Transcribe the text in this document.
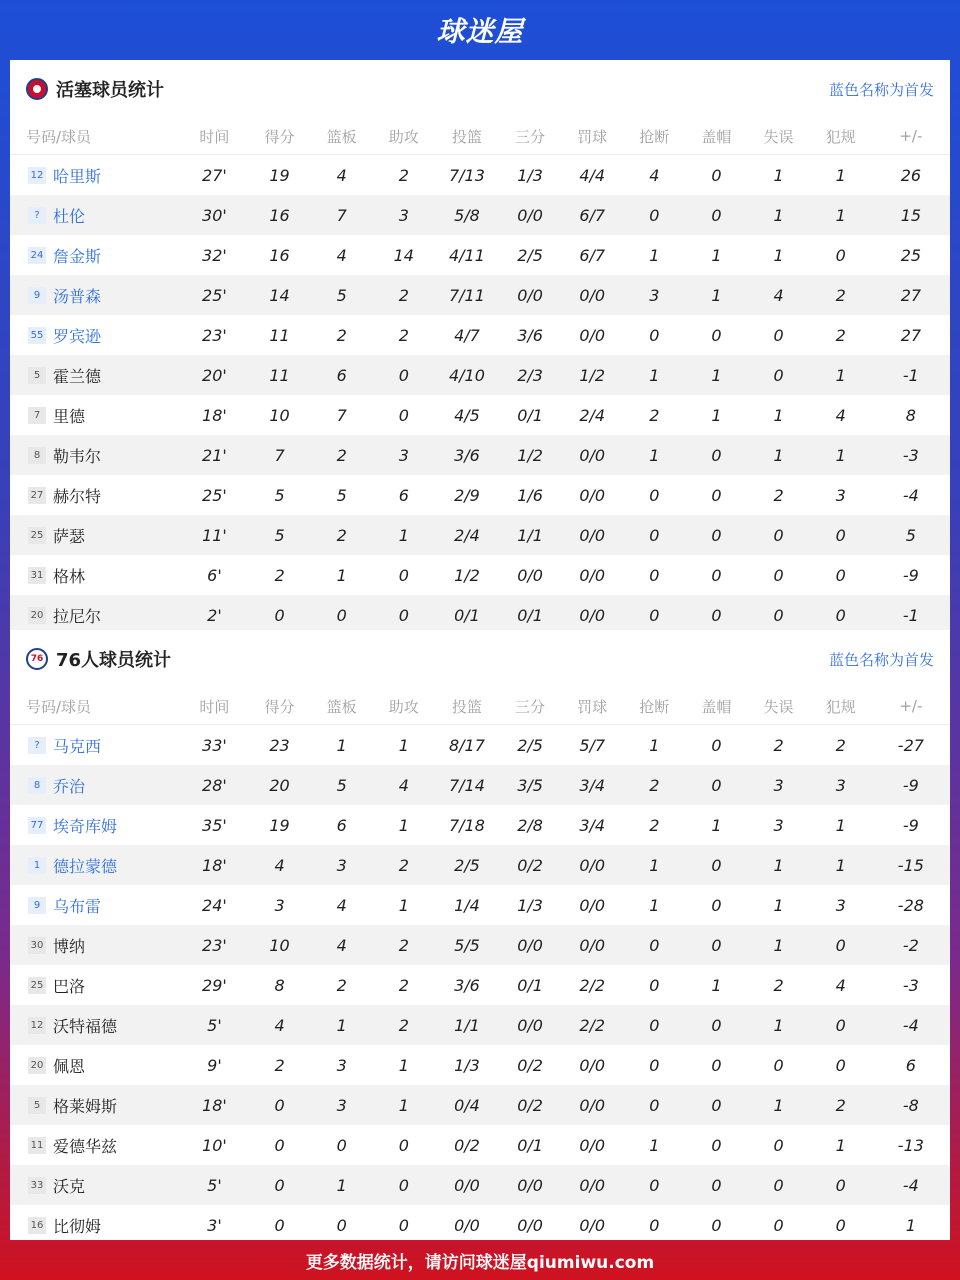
球迷屋
活塞球员统计	蓝色名称为首发
号码/球员	时间	得分	篮板	助攻	投篮	三分	罚球	抢断	盖帽	失误	犯规	+/-
12 哈里斯	27'	19	4	2	7/13	1/3	4/4	4	0	1	1	26
? 杜伦	30'	16	7	3	5/8	0/0	6/7	0	0	1	1	15
24 詹金斯	32'	16	4	14	4/11	2/5	6/7	1	1	1	0	25
9 汤普森	25'	14	5	2	7/11	0/0	0/0	3	1	4	2	27
55 罗宾逊	23'	11	2	2	4/7	3/6	0/0	0	0	0	2	27
5 霍兰德	20'	11	6	0	4/10	2/3	1/2	1	1	0	1	-1
7 里德	18'	10	7	0	4/5	0/1	2/4	2	1	1	4	8
8 勒韦尔	21'	7	2	3	3/6	1/2	0/0	1	0	1	1	-3
27 赫尔特	25'	5	5	6	2/9	1/6	0/0	0	0	2	3	-4
25 萨瑟	11'	5	2	1	2/4	1/1	0/0	0	0	0	0	5
31 格林	6'	2	1	0	1/2	0/0	0/0	0	0	0	0	-9
20 拉尼尔	2'	0	0	0	0/1	0/1	0/0	0	0	0	0	-1
76 76人球员统计	蓝色名称为首发
号码/球员	时间	得分	篮板	助攻	投篮	三分	罚球	抢断	盖帽	失误	犯规	+/-
? 马克西	33'	23	1	1	8/17	2/5	5/7	1	0	2	2	-27
8 乔治	28'	20	5	4	7/14	3/5	3/4	2	0	3	3	-9
77 埃奇库姆	35'	19	6	1	7/18	2/8	3/4	2	1	3	1	-9
1 德拉蒙德	18'	4	3	2	2/5	0/2	0/0	1	0	1	1	-15
9 乌布雷	24'	3	4	1	1/4	1/3	0/0	1	0	1	3	-28
30 博纳	23'	10	4	2	5/5	0/0	0/0	0	0	1	0	-2
25 巴洛	29'	8	2	2	3/6	0/1	2/2	0	1	2	4	-3
12 沃特福德	5'	4	1	2	1/1	0/0	2/2	0	0	1	0	-4
20 佩恩	9'	2	3	1	1/3	0/2	0/0	0	0	0	0	6
5 格莱姆斯	18'	0	3	1	0/4	0/2	0/0	0	0	1	2	-8
11 爱德华兹	10'	0	0	0	0/2	0/1	0/0	1	0	0	1	-13
33 沃克	5'	0	1	0	0/0	0/0	0/0	0	0	0	0	-4
16 比彻姆	3'	0	0	0	0/0	0/0	0/0	0	0	0	0	1
更多数据统计，请访问球迷屋qiumiwu.com
